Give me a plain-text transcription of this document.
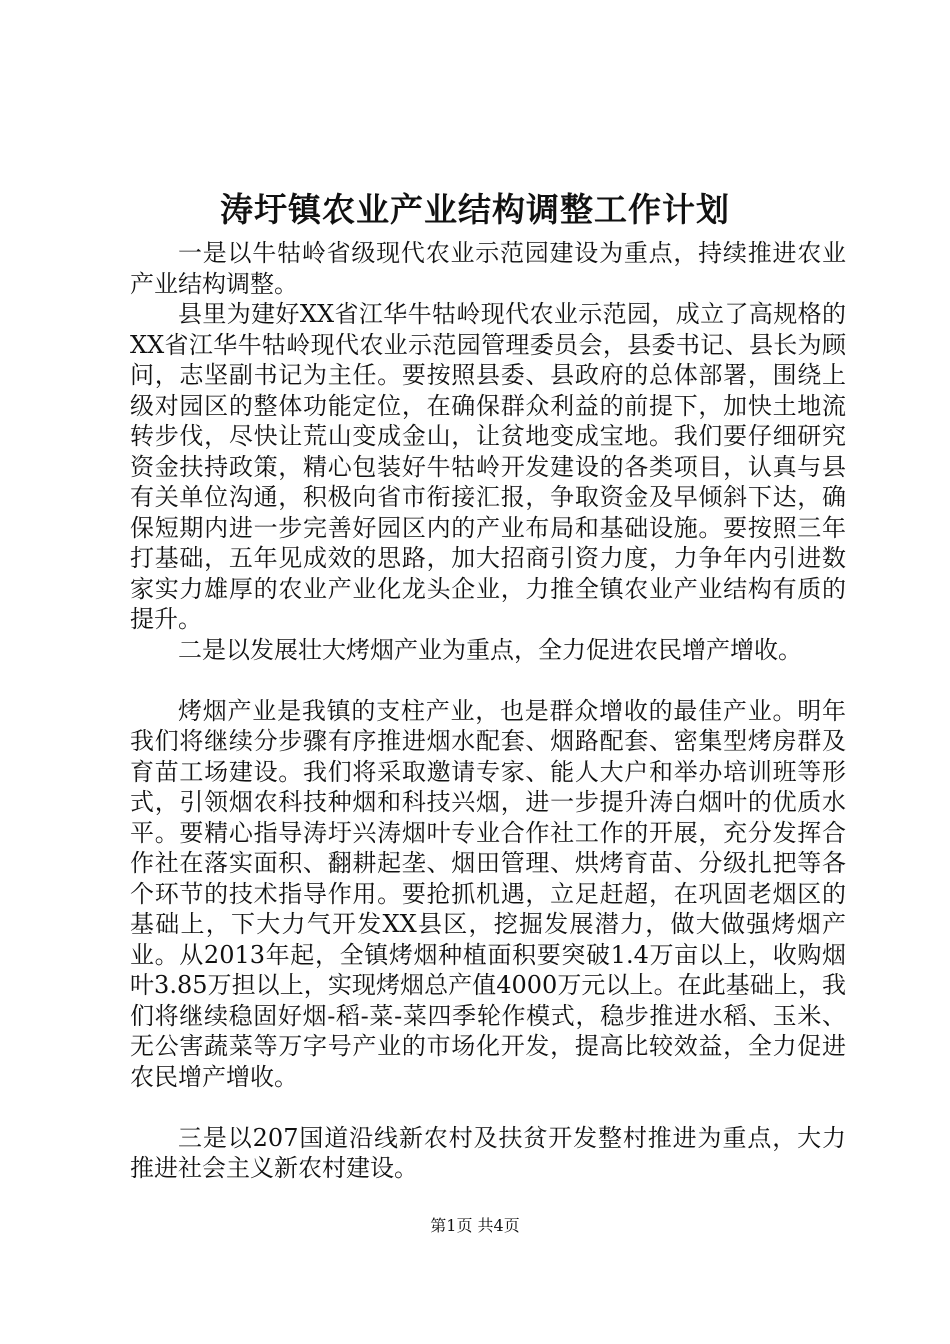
涛圩镇农业产业结构调整工作计划

一是以牛牯岭省级现代农业示范园建设为重点，持续推进农业产业结构调整。

县里为建好XX省江华牛牯岭现代农业示范园，成立了高规格的XX省江华牛牯岭现代农业示范园管理委员会，县委书记、县长为顾问，志坚副书记为主任。要按照县委、县政府的总体部署，围绕上级对园区的整体功能定位，在确保群众利益的前提下，加快土地流转步伐，尽快让荒山变成金山，让贫地变成宝地。我们要仔细研究资金扶持政策，精心包装好牛牯岭开发建设的各类项目，认真与县有关单位沟通，积极向省市衔接汇报，争取资金及早倾斜下达，确保短期内进一步完善好园区内的产业布局和基础设施。要按照三年打基础，五年见成效的思路，加大招商引资力度，力争年内引进数家实力雄厚的农业产业化龙头企业，力推全镇农业产业结构有质的提升。

二是以发展壮大烤烟产业为重点，全力促进农民增产增收。

烤烟产业是我镇的支柱产业，也是群众增收的最佳产业。明年我们将继续分步骤有序推进烟水配套、烟路配套、密集型烤房群及育苗工场建设。我们将采取邀请专家、能人大户和举办培训班等形式，引领烟农科技种烟和科技兴烟，进一步提升涛白烟叶的优质水平。要精心指导涛圩兴涛烟叶专业合作社工作的开展，充分发挥合作社在落实面积、翻耕起垄、烟田管理、烘烤育苗、分级扎把等各个环节的技术指导作用。要抢抓机遇，立足赶超，在巩固老烟区的基础上，下大力气开发XX县区，挖掘发展潜力，做大做强烤烟产业。从2013年起，全镇烤烟种植面积要突破1.4万亩以上，收购烟叶3.85万担以上，实现烤烟总产值4000万元以上。在此基础上，我们将继续稳固好烟-稻-菜-菜四季轮作模式，稳步推进水稻、玉米、无公害蔬菜等万字号产业的市场化开发，提高比较效益，全力促进农民增产增收。

三是以207国道沿线新农村及扶贫开发整村推进为重点，大力推进社会主义新农村建设。

第1页 共4页
